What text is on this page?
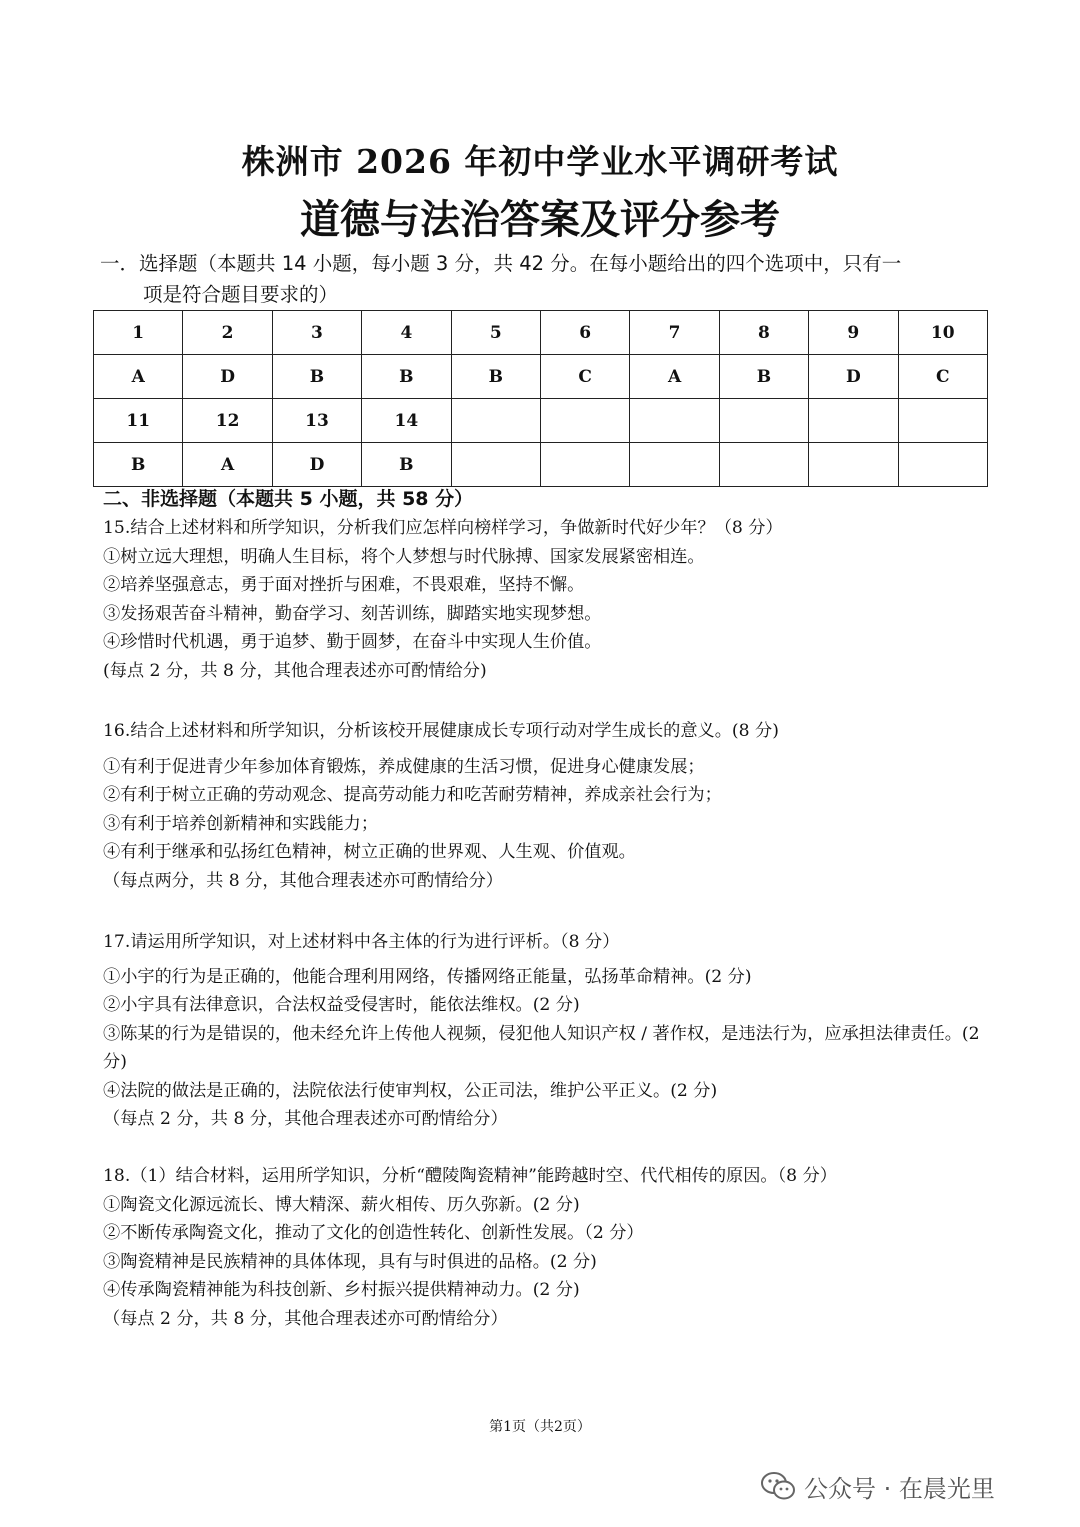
株洲市 2026 年初中学业水平调研考试
道德与法治答案及评分参考
一．选择题（本题共 14 小题，每小题 3 分，共 42 分。在每小题给出的四个选项中，只有一
项是符合题目要求的）
1	2	3	4	5	6	7	8	9	10
A	D	B	B	B	C	A	B	D	C
11	12	13	14						
B	A	D	B						
二、非选择题（本题共 5 小题，共 58 分）
15.结合上述材料和所学知识，分析我们应怎样向榜样学习，争做新时代好少年？（8 分）
①树立远大理想，明确人生目标，将个人梦想与时代脉搏、国家发展紧密相连。
②培养坚强意志，勇于面对挫折与困难，不畏艰难，坚持不懈。
③发扬艰苦奋斗精神，勤奋学习、刻苦训练，脚踏实地实现梦想。
④珍惜时代机遇，勇于追梦、勤于圆梦，在奋斗中实现人生价值。
(每点 2 分，共 8 分，其他合理表述亦可酌情给分)
16.结合上述材料和所学知识，分析该校开展健康成长专项行动对学生成长的意义。(8 分)
①有利于促进青少年参加体育锻炼，养成健康的生活习惯，促进身心健康发展；
②有利于树立正确的劳动观念、提高劳动能力和吃苦耐劳精神，养成亲社会行为；
③有利于培养创新精神和实践能力；
④有利于继承和弘扬红色精神，树立正确的世界观、人生观、价值观。
（每点两分，共 8 分，其他合理表述亦可酌情给分）
17.请运用所学知识，对上述材料中各主体的行为进行评析。（8 分）
①小宇的行为是正确的，他能合理利用网络，传播网络正能量，弘扬革命精神。(2 分)
②小宇具有法律意识，合法权益受侵害时，能依法维权。(2 分)
③陈某的行为是错误的，他未经允许上传他人视频，侵犯他人知识产权 / 著作权，是违法行为，应承担法律责任。(2 分)
④法院的做法是正确的，法院依法行使审判权，公正司法，维护公平正义。(2 分)
（每点 2 分，共 8 分，其他合理表述亦可酌情给分）
18.（1）结合材料，运用所学知识，分析“醴陵陶瓷精神”能跨越时空、代代相传的原因。（8 分）
①陶瓷文化源远流长、博大精深、薪火相传、历久弥新。(2 分)
②不断传承陶瓷文化，推动了文化的创造性转化、创新性发展。（2 分）
③陶瓷精神是民族精神的具体体现，具有与时俱进的品格。(2 分)
④传承陶瓷精神能为科技创新、乡村振兴提供精神动力。(2 分)
（每点 2 分，共 8 分，其他合理表述亦可酌情给分）
第1页（共2页）
公众号 · 在晨光里
